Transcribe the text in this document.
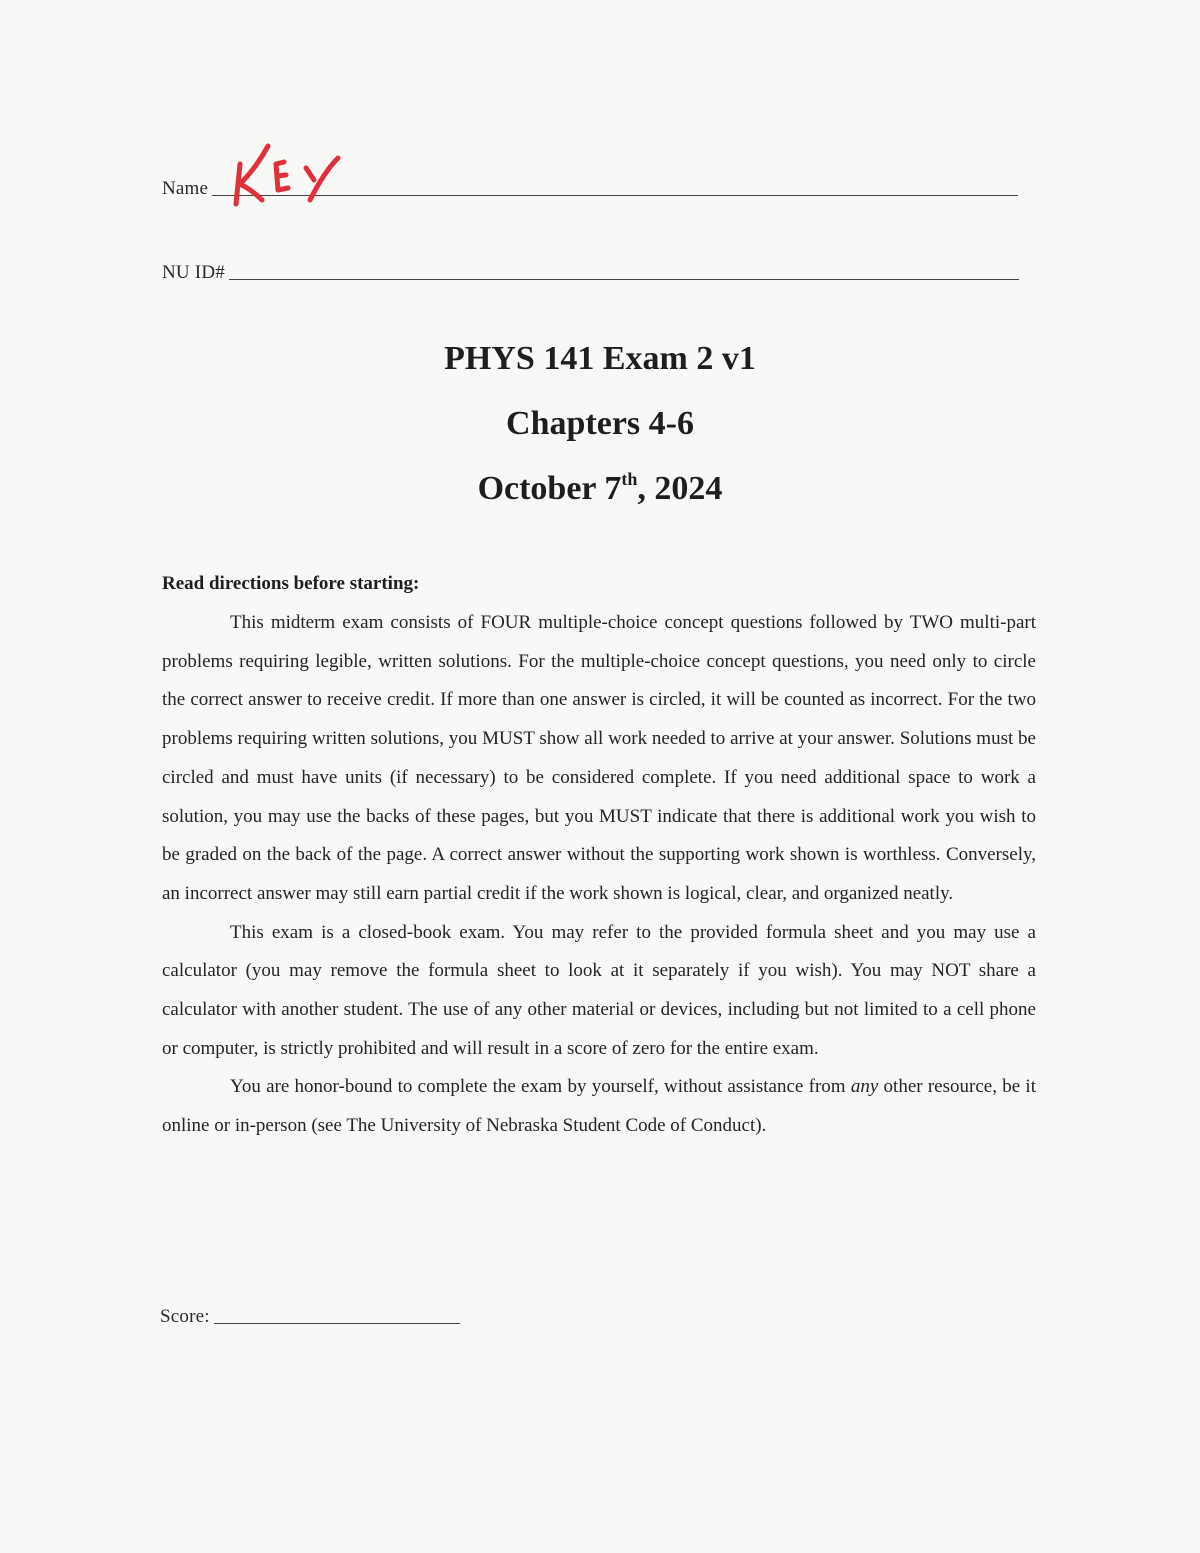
Name
NU ID#
PHYS 141 Exam 2 v1
Chapters 4-6
October 7th, 2024
Read directions before starting:

This midterm exam consists of FOUR multiple-choice concept questions followed by TWO multi-part problems requiring legible, written solutions. For the multiple-choice concept questions, you need only to circle the correct answer to receive credit. If more than one answer is circled, it will be counted as incorrect. For the two problems requiring written solutions, you MUST show all work needed to arrive at your answer. Solutions must be circled and must have units (if necessary) to be considered complete. If you need additional space to work a solution, you may use the backs of these pages, but you MUST indicate that there is additional work you wish to be graded on the back of the page. A correct answer without the supporting work shown is worthless. Conversely, an incorrect answer may still earn partial credit if the work shown is logical, clear, and organized neatly.

This exam is a closed-book exam. You may refer to the provided formula sheet and you may use a calculator (you may remove the formula sheet to look at it separately if you wish). You may NOT share a calculator with another student. The use of any other material or devices, including but not limited to a cell phone or computer, is strictly prohibited and will result in a score of zero for the entire exam.

You are honor-bound to complete the exam by yourself, without assistance from any other resource, be it online or in-person (see The University of Nebraska Student Code of Conduct).

Score:
